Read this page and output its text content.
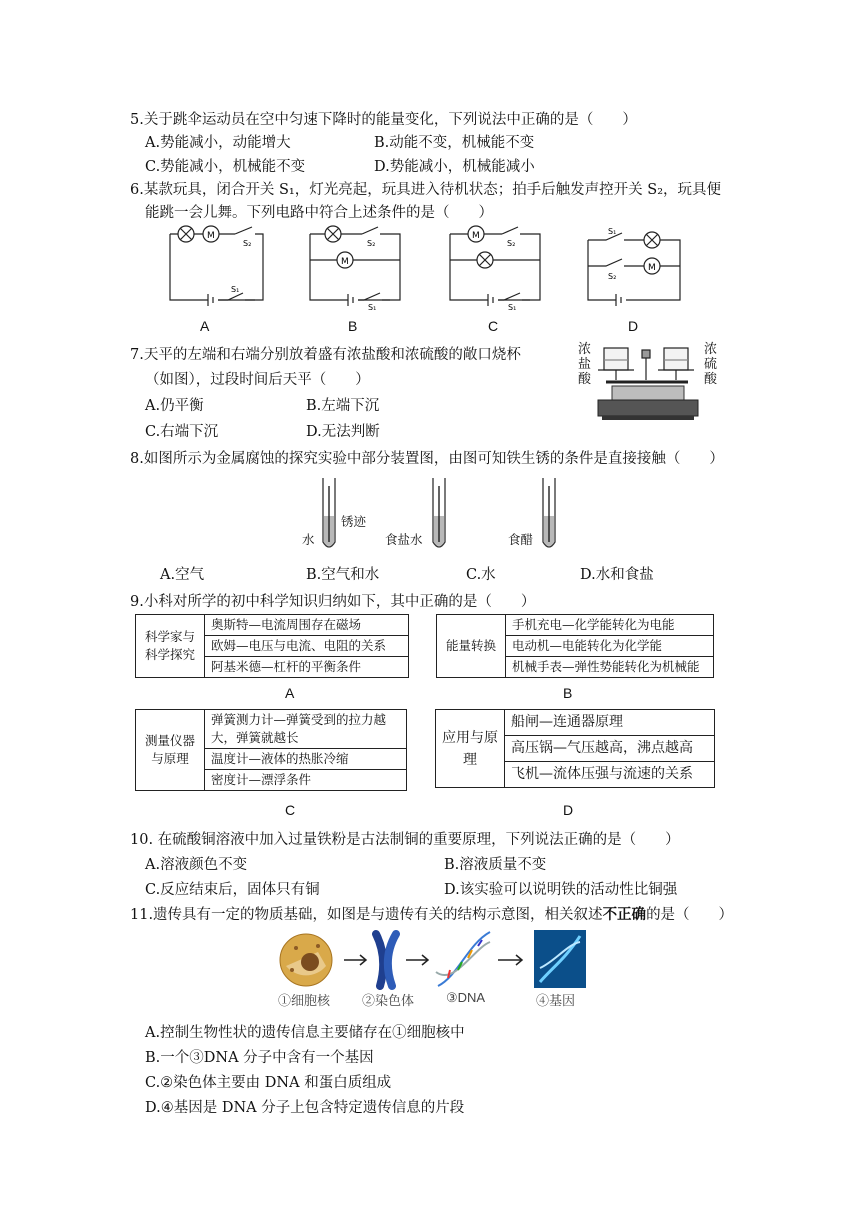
5.关于跳伞运动员在空中匀速下降时的能量变化，下列说法中正确的是（　　）
A.势能减小，动能增大	B.动能不变，机械能不变
C.势能减小，机械能不变	D.势能减小，机械能减小
6.某款玩具，闭合开关 S₁，灯光亮起，玩具进入待机状态；拍手后触发声控开关 S₂，玩具便
能跳一会儿舞。下列电路中符合上述条件的是（　　）
M
S₂
S₁
A
M
S₂
S₁
B
M
S₂
S₁
C
S₁
S₂
M
D
7.天平的左端和右端分别放着盛有浓盐酸和浓硫酸的敞口烧杯
（如图），过段时间后天平（　　）
A.仍平衡	B.左端下沉
C.右端下沉	D.无法判断
浓盐酸
浓硫酸
8.如图所示为金属腐蚀的探究实验中部分装置图，由图可知铁生锈的条件是直接接触（　　）
锈迹
水	食盐水	食醋
A.空气	B.空气和水	C.水	D.水和食盐
9.小科对所学的初中科学知识归纳如下，其中正确的是（　　）
科学家与科学探究	奥斯特—电流周围存在磁场
欧姆—电压与电流、电阻的关系
阿基米德—杠杆的平衡条件
A
能量转换	手机充电—化学能转化为电能
电动机—电能转化为化学能
机械手表—弹性势能转化为机械能
B
测量仪器与原理	弹簧测力计—弹簧受到的拉力越大，弹簧就越长
温度计—液体的热胀冷缩
密度计—漂浮条件
C
应用与原理	船闸—连通器原理
高压锅—气压越高，沸点越高
飞机—流体压强与流速的关系
D
10. 在硫酸铜溶液中加入过量铁粉是古法制铜的重要原理，下列说法正确的是（　　）
A.溶液颜色不变	B.溶液质量不变
C.反应结束后，固体只有铜	D.该实验可以说明铁的活动性比铜强
11.遗传具有一定的物质基础，如图是与遗传有关的结构示意图，相关叙述不正确的是（　　）
①细胞核 ②染色体 ③DNA	④基因
A.控制生物性状的遗传信息主要储存在①细胞核中
B.一个③DNA 分子中含有一个基因
C.②染色体主要由 DNA 和蛋白质组成
D.④基因是 DNA 分子上包含特定遗传信息的片段
